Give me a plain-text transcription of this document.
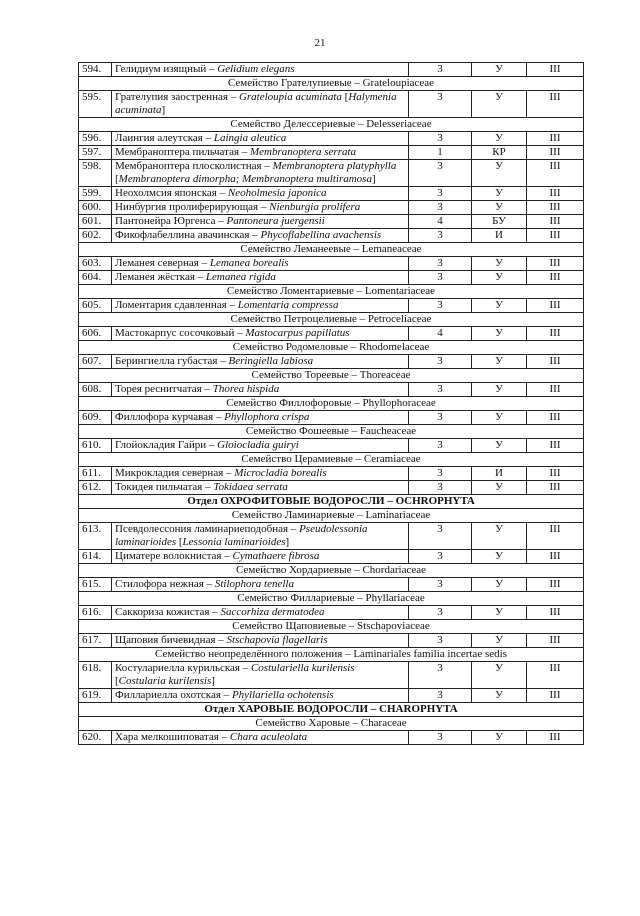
21
594.	Гелидиум изящный – Gelidium elegans	3	У	III
Семейство Грателупиевые – Grateloupiaceae				
595.	Грателупия заостренная – Grateloupia acuminata [Halymenia acuminata]	3	У	III
Семейство Делессериевые – Delesseriaceae				
596.	Лаингия алеутская – Laingia aleutica	3	У	III
597.	Мембраноптера пильчатая – Membranoptera serrata	1	КР	III
598.	Мембраноптера плосколистная – Membranoptera platyphylla [Membranoptera dimorpha; Membranoptera multiramosa]	3	У	III
599.	Неохолмсия японская – Neoholmesia japonica	3	У	III
600.	Нинбургия пролиферирующая – Nienburgia prolifera	3	У	III
601.	Пантонейра Юргенса – Pantoneura juergensii	4	БУ	III
602.	Фикофлабеллина авачинская – Phycoflabellina avachensis	3	И	III
Семейство Леманеевые – Lemaneaceae				
603.	Леманея северная – Lemanea borealis	3	У	III
604.	Леманея жёсткая – Lemanea rigida	3	У	III
Семейство Ломентариевые – Lomentariaceae				
605.	Ломентария сдавленная – Lomentaria compressa	3	У	III
Семейство Петроцелиевые – Petroceliaceae				
606.	Мастокарпус сосочковый – Mastocarpus papillatus	4	У	III
Семейство Родомеловые – Rhodomelaceae				
607.	Берингиелла губастая – Beringiella labiosa	3	У	III
Семейство Тореевые – Thoreaceae				
608.	Торея реснитчатая – Thorea hispida	3	У	III
Семейство Филлофоровые – Phyllophoraceae				
609.	Филлофора курчавая – Phyllophora crispa	3	У	III
Семейство Фошеевые – Faucheaceae				
610.	Глойокладия Гайри – Gloiocladia guiryi	3	У	III
Семейство Церамиевые – Ceramiaceae				
611.	Микрокладия северная – Microcladia borealis	3	И	III
612.	Токидея пильчатая – Tokidaea serrata	3	У	III
Отдел ОХРОФИТОВЫЕ ВОДОРОСЛИ – OCHROPHYTA				
Семейство Ламинариевые – Laminariaceae				
613.	Псевдолессония ламинариеподобная – Pseudolessonia laminarioides [Lessonia laminarioides]	3	У	III
614.	Циматере волокнистая – Cymathaere fibrosa	3	У	III
Семейство Хордариевые – Chordariaceae				
615.	Стилофора нежная – Stilophora tenella	3	У	III
Семейство Филлариевые – Phyllariaceae				
616.	Саккориза кожистая – Saccorhiza dermatodea	3	У	III
Семейство Щаповиевые – Stschapoviaceae				
617.	Щаповия бичевидная – Stschapovia flagellaris	3	У	III
Семейство неопределённого положения – Laminariales familia incertae sedis				
618.	Костулариелла курильская – Costulariella kurilensis [Costularia kurilensis]	3	У	III
619.	Филлариелла охотская – Phyllariella ochotensis	3	У	III
Отдел ХАРОВЫЕ ВОДОРОСЛИ – CHAROPHYTA				
Семейство Харовые – Characeae				
620.	Хара мелкошиповатая – Chara aculeolata	3	У	III
